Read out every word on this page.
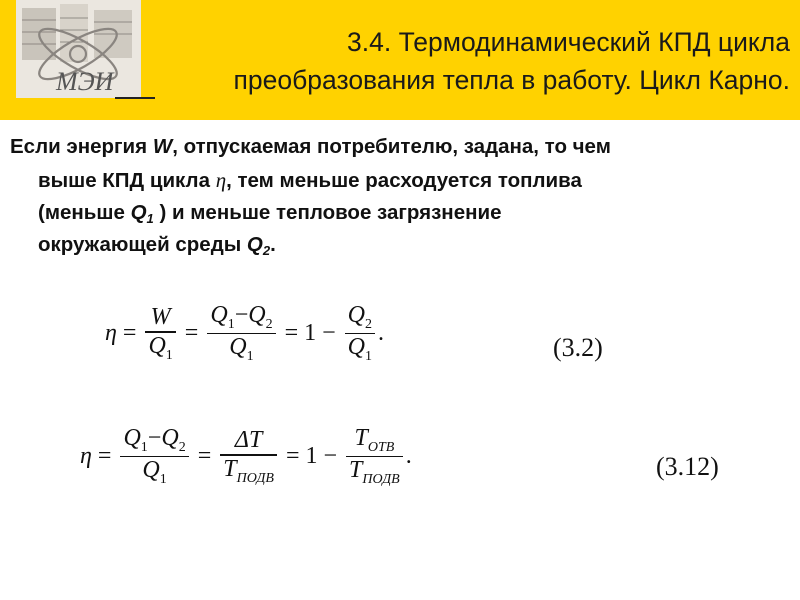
МЭИ
3.4. Термодинамический КПД цикла
преобразования тепла в работу. Цикл Карно.
Если энергия W, отпускаемая потребителю, задана, то чем
выше КПД цикла η, тем меньше расходуется топлива
(меньше $Q_1$ ) и меньше тепловое загрязнение
окружающей среды $Q_2$.
$\eta = \frac{W}{Q_1} = \frac{Q_1-Q_2}{Q_1} = 1 - \frac{Q_2}{Q_1}$ .	(3.2)
$\eta = \frac{Q_1-Q_2}{Q_1} = \frac{\Delta T}{T_{ПОДВ}} = 1 - \frac{T_{ОТВ}}{T_{ПОДВ}}$ .	(3.12)
